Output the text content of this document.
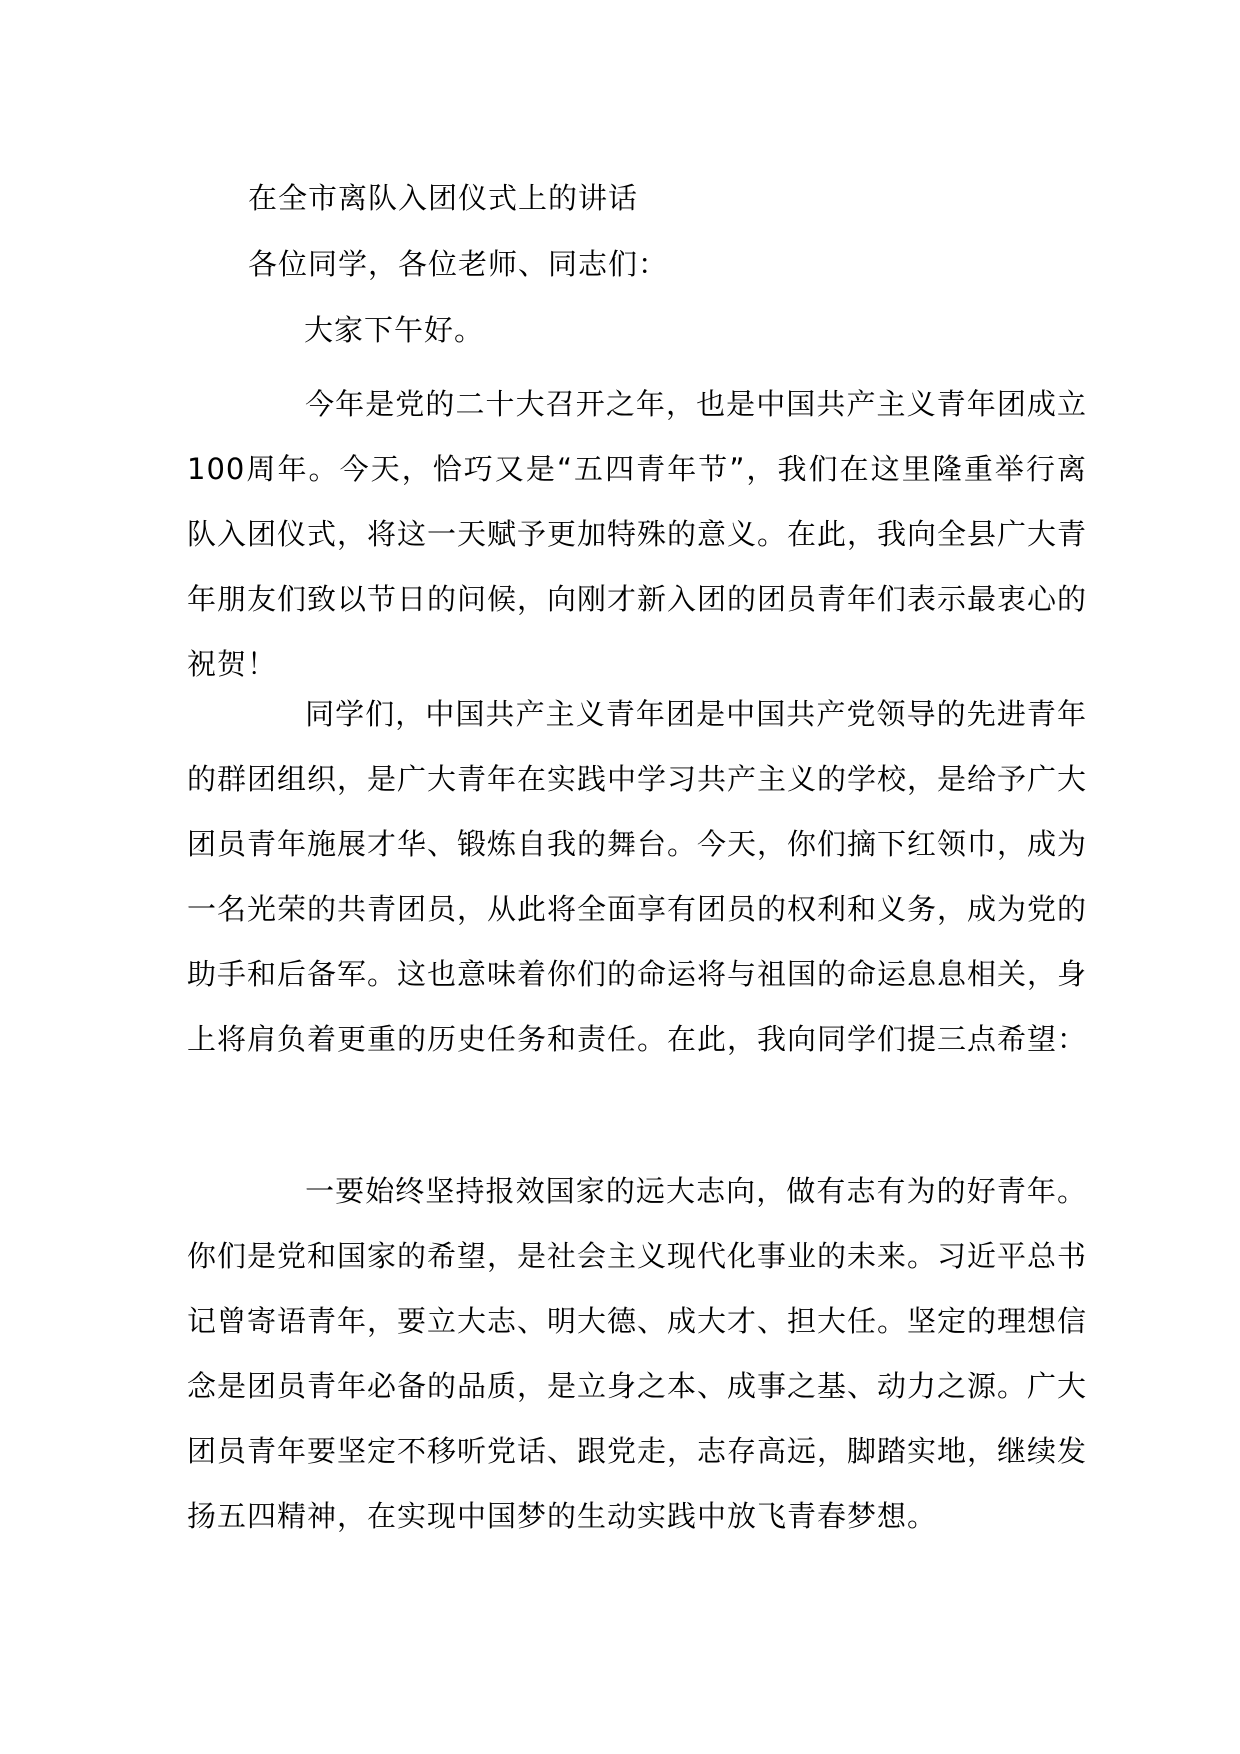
在全市离队入团仪式上的讲话
各位同学，各位老师、同志们：
大家下午好。

今年是党的二十大召开之年，也是中国共产主义青年团成立100周年。今天，恰巧又是“五四青年节”，我们在这里隆重举行离队入团仪式，将这一天赋予更加特殊的意义。在此，我向全县广大青年朋友们致以节日的问候，向刚才新入团的团员青年们表示最衷心的祝贺！

同学们，中国共产主义青年团是中国共产党领导的先进青年的群团组织，是广大青年在实践中学习共产主义的学校，是给予广大团员青年施展才华、锻炼自我的舞台。今天，你们摘下红领巾，成为一名光荣的共青团员，从此将全面享有团员的权利和义务，成为党的助手和后备军。这也意味着你们的命运将与祖国的命运息息相关，身上将肩负着更重的历史任务和责任。在此，我向同学们提三点希望：

一要始终坚持报效国家的远大志向，做有志有为的好青年。你们是党和国家的希望，是社会主义现代化事业的未来。习近平总书记曾寄语青年，要立大志、明大德、成大才、担大任。坚定的理想信念是团员青年必备的品质，是立身之本、成事之基、动力之源。广大团员青年要坚定不移听党话、跟党走，志存高远，脚踏实地，继续发扬五四精神，在实现中国梦的生动实践中放飞青春梦想。
